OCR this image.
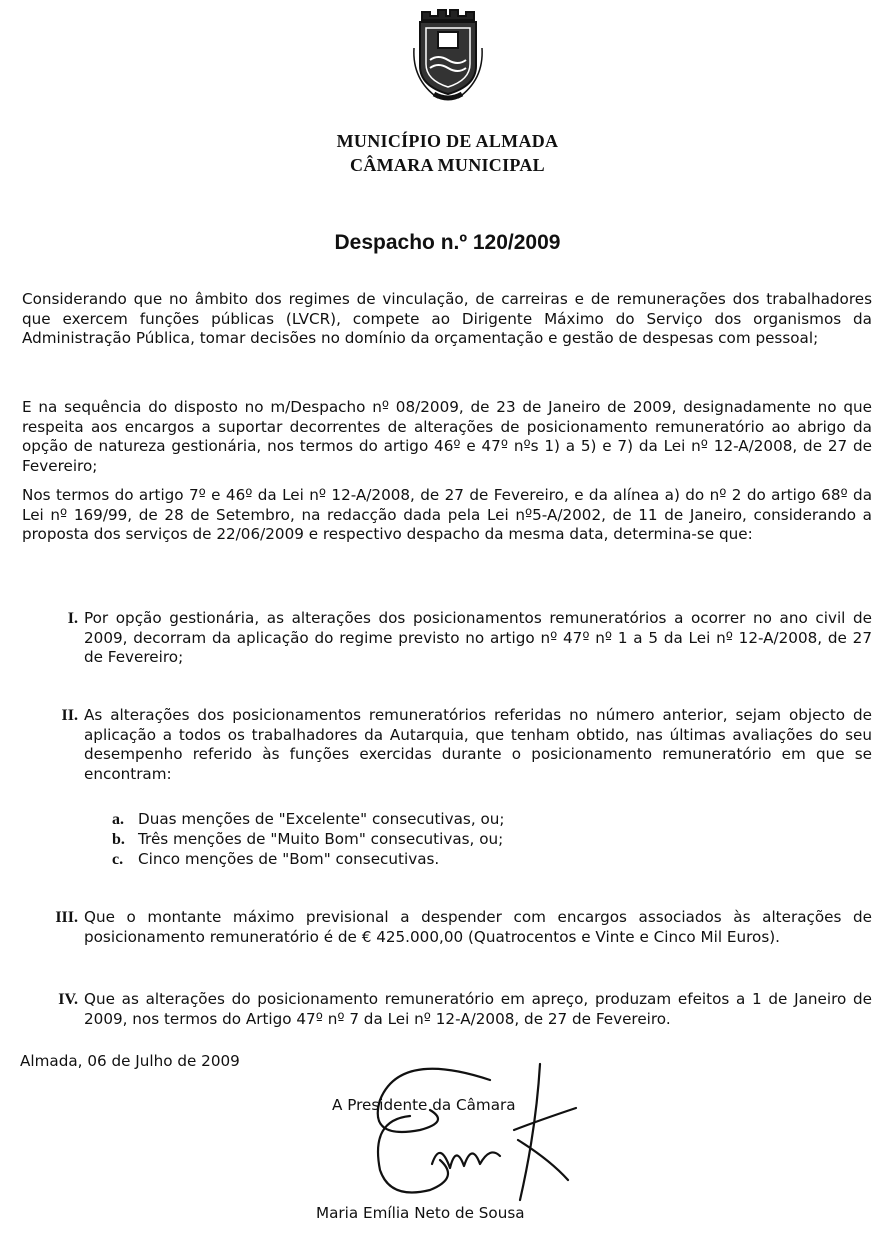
MUNICÍPIO DE ALMADA
CÂMARA MUNICIPAL
Despacho n.º 120/2009

Considerando que no âmbito dos regimes de vinculação, de carreiras e de remunerações dos trabalhadores que exercem funções públicas (LVCR), compete ao Dirigente Máximo do Serviço dos organismos da Administração Pública, tomar decisões no domínio da orçamentação e gestão de despesas com pessoal;

E na sequência do disposto no m/Despacho nº 08/2009, de 23 de Janeiro de 2009, designadamente no que respeita aos encargos a suportar decorrentes de alterações de posicionamento remuneratório ao abrigo da opção de natureza gestionária, nos termos do artigo 46º e 47º nºs 1) a 5) e 7) da Lei nº 12-A/2008, de 27 de Fevereiro;

Nos termos do artigo 7º e 46º da Lei nº 12-A/2008, de 27 de Fevereiro, e da alínea a) do nº 2 do artigo 68º da Lei nº 169/99, de 28 de Setembro, na redacção dada pela Lei nº5-A/2002, de 11 de Janeiro, considerando a proposta dos serviços de 22/06/2009 e respectivo despacho da mesma data, determina-se que:

I. Por opção gestionária, as alterações dos posicionamentos remuneratórios a ocorrer no ano civil de 2009, decorram da aplicação do regime previsto no artigo nº 47º nº 1 a 5 da Lei nº 12-A/2008, de 27 de Fevereiro;

II. As alterações dos posicionamentos remuneratórios referidas no número anterior, sejam objecto de aplicação a todos os trabalhadores da Autarquia, que tenham obtido, nas últimas avaliações do seu desempenho referido às funções exercidas durante o posicionamento remuneratório em que se encontram:

a. Duas menções de "Excelente" consecutivas, ou;
b. Três menções de "Muito Bom" consecutivas, ou;
c. Cinco menções de "Bom" consecutivas.
III. Que o montante máximo previsional a despender com encargos associados às alterações de posicionamento remuneratório é de € 425.000,00 (Quatrocentos e Vinte e Cinco Mil Euros).

IV. Que as alterações do posicionamento remuneratório em apreço, produzam efeitos a 1 de Janeiro de 2009, nos termos do Artigo 47º nº 7 da Lei nº 12-A/2008, de 27 de Fevereiro.

Almada, 06 de Julho de 2009
A Presidente da Câmara
Maria Emília Neto de Sousa
